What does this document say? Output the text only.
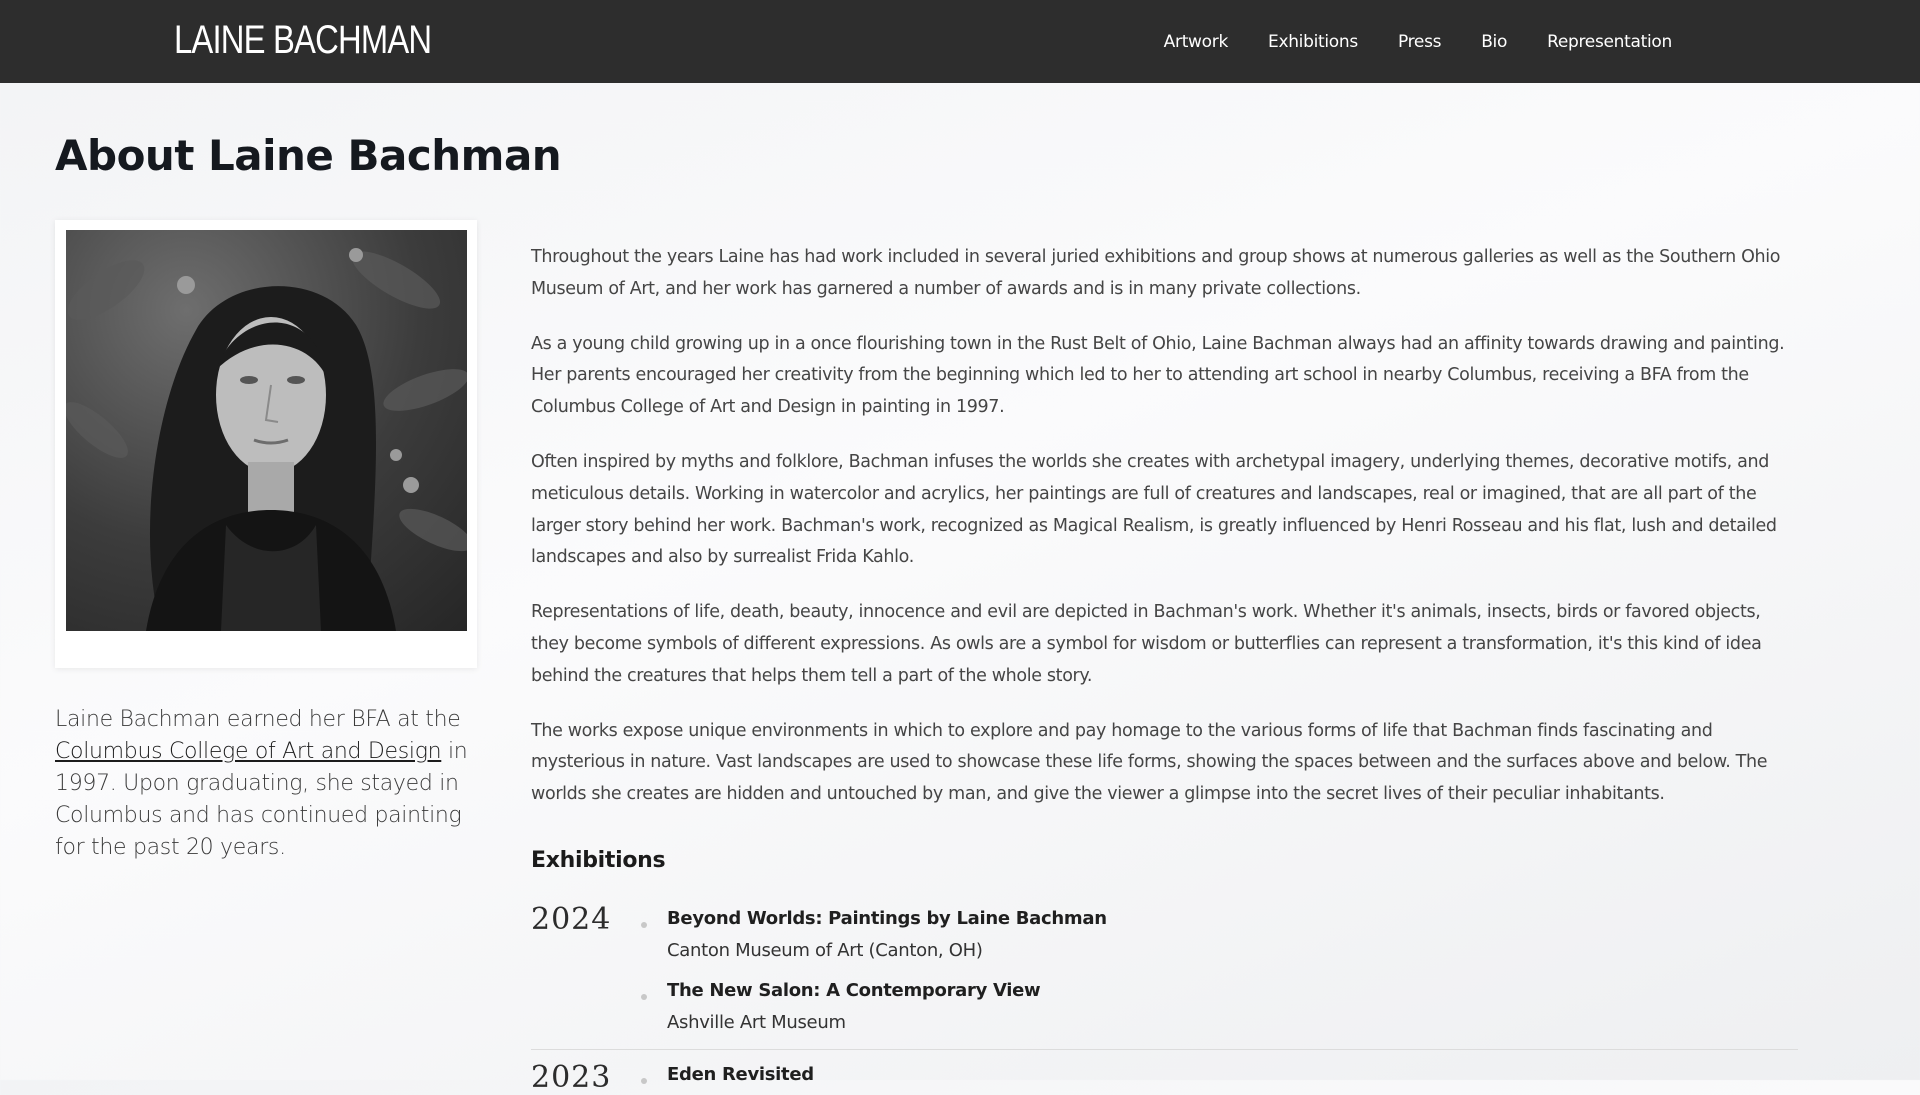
LAINE BACHMAN	Artwork Exhibitions Press Bio Representation
About Laine Bachman

Laine Bachman earned her BFA at the Columbus College of Art and Design in 1997. Upon graduating, she stayed in Columbus and has continued painting for the past 20 years.

Throughout the years Laine has had work included in several juried exhibitions and group shows at numerous galleries as well as the Southern Ohio Museum of Art, and her work has garnered a number of awards and is in many private collections.

As a young child growing up in a once flourishing town in the Rust Belt of Ohio, Laine Bachman always had an affinity towards drawing and painting. Her parents encouraged her creativity from the beginning which led to her to attending art school in nearby Columbus, receiving a BFA from the Columbus College of Art and Design in painting in 1997.

Often inspired by myths and folklore, Bachman infuses the worlds she creates with archetypal imagery, underlying themes, decorative motifs, and meticulous details. Working in watercolor and acrylics, her paintings are full of creatures and landscapes, real or imagined, that are all part of the larger story behind her work. Bachman's work, recognized as Magical Realism, is greatly influenced by Henri Rosseau and his flat, lush and detailed landscapes and also by surrealist Frida Kahlo.

Representations of life, death, beauty, innocence and evil are depicted in Bachman's work. Whether it's animals, insects, birds or favored objects, they become symbols of different expressions. As owls are a symbol for wisdom or butterflies can represent a transformation, it's this kind of idea behind the creatures that helps them tell a part of the whole story.

The works expose unique environments in which to explore and pay homage to the various forms of life that Bachman finds fascinating and mysterious in nature. Vast landscapes are used to showcase these life forms, showing the spaces between and the surfaces above and below. The worlds she creates are hidden and untouched by man, and give the viewer a glimpse into the secret lives of their peculiar inhabitants.

Exhibitions
2024	Beyond Worlds: Paintings by Laine Bachman
Canton Museum of Art (Canton, OH)
The New Salon: A Contemporary View
Ashville Art Museum
2023	Eden Revisited
